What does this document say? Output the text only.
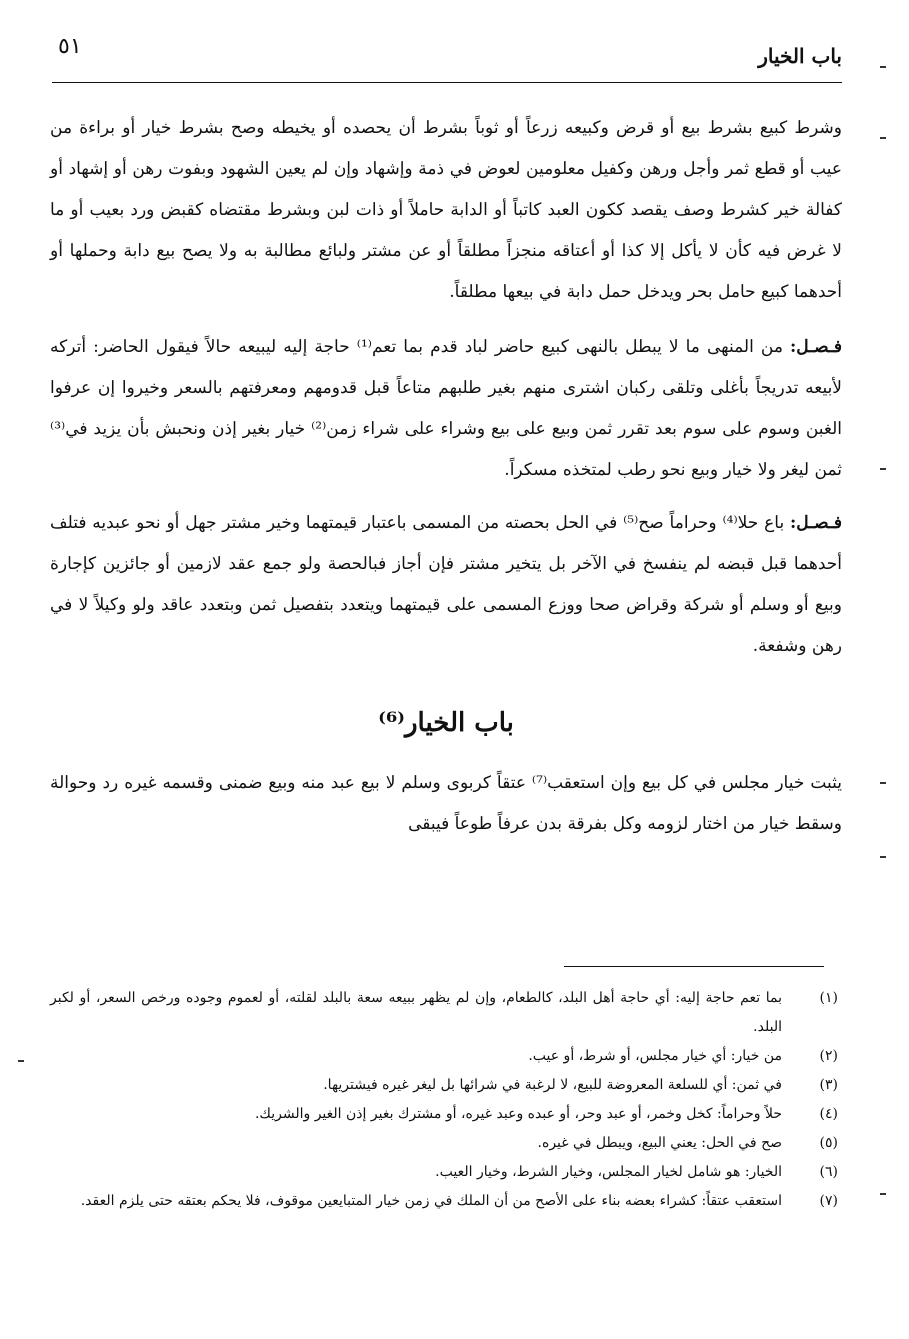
باب الخيار
٥١

وشرط كبيع بشرط بيع أو قرض وكبيعه زرعاً أو ثوباً بشرط أن يحصده أو يخيطه وصح بشرط خيار أو براءة من عيب أو قطع ثمر وأجل ورهن وكفيل معلومين لعوض في ذمة وإشهاد وإن لم يعين الشهود وبفوت رهن أو إشهاد أو كفالة خير كشرط وصف يقصد ككون العبد كاتباً أو الدابة حاملاً أو ذات لبن وبشرط مقتضاه كقبض ورد بعيب أو ما لا غرض فيه كأن لا يأكل إلا كذا أو أعتاقه منجزاً مطلقاً أو عن مشتر ولبائع مطالبة به ولا يصح بيع دابة وحملها أو أحدهما كبيع حامل بحر ويدخل حمل دابة في بيعها مطلقاً.

فـصـل: من المنهى ما لا يبطل بالنهى كبيع حاضر لباد قدم بما تعم⁽¹⁾ حاجة إليه ليبيعه حالاً فيقول الحاضر: أتركه لأبيعه تدريجاً بأغلى وتلقى ركبان اشترى منهم بغير طلبهم متاعاً قبل قدومهم ومعرفتهم بالسعر وخيروا إن عرفوا الغبن وسوم على سوم بعد تقرر ثمن وبيع على بيع وشراء على شراء زمن⁽²⁾ خيار بغير إذن ونحبش بأن يزيد في⁽³⁾ ثمن ليغر ولا خيار وبيع نحو رطب لمتخذه مسكراً.

فـصـل: باع حلا⁽⁴⁾ وحراماً صح⁽⁵⁾ في الحل بحصته من المسمى باعتبار قيمتهما وخير مشتر جهل أو نحو عبديه فتلف أحدهما قبل قبضه لم ينفسخ في الآخر بل يتخير مشتر فإن أجاز فبالحصة ولو جمع عقد لازمين أو جائزين كإجارة وبيع أو وسلم أو شركة وقراض صحا ووزع المسمى على قيمتهما ويتعدد بتفصيل ثمن وبتعدد عاقد ولو وكيلاً لا في رهن وشفعة.

باب الخيار⁽⁶⁾

يثبت خيار مجلس في كل بيع وإن استعقب⁽⁷⁾ عتقاً كربوى وسلم لا بيع عبد منه وبيع ضمنى وقسمه غيره رد وحوالة وسقط خيار من اختار لزومه وكل بفرقة بدن عرفاً طوعاً فيبقى

(١)
بما تعم حاجة إليه: أي حاجة أهل البلد، كالطعام، وإن لم يظهر ببيعه سعة بالبلد لقلته، أو لعموم وجوده ورخص السعر، أو لكبر البلد.
(٢)
من خيار: أي خيار مجلس، أو شرط، أو عيب.
(٣)
في ثمن: أي للسلعة المعروضة للبيع، لا لرغبة في شرائها بل ليغر غيره فيشتريها.
(٤)
حلاً وحراماً: كخل وخمر، أو عبد وحر، أو عبده وعبد غيره، أو مشترك بغير إذن الغير والشريك.
(٥)
صح في الحل: يعني البيع، ويبطل في غيره.
(٦)
الخيار: هو شامل لخيار المجلس، وخيار الشرط، وخيار العيب.
(٧)
استعقب عتقاً: كشراء بعضه بناء على الأصح من أن الملك في زمن خيار المتبايعين موقوف، فلا يحكم بعتقه حتى يلزم العقد.
